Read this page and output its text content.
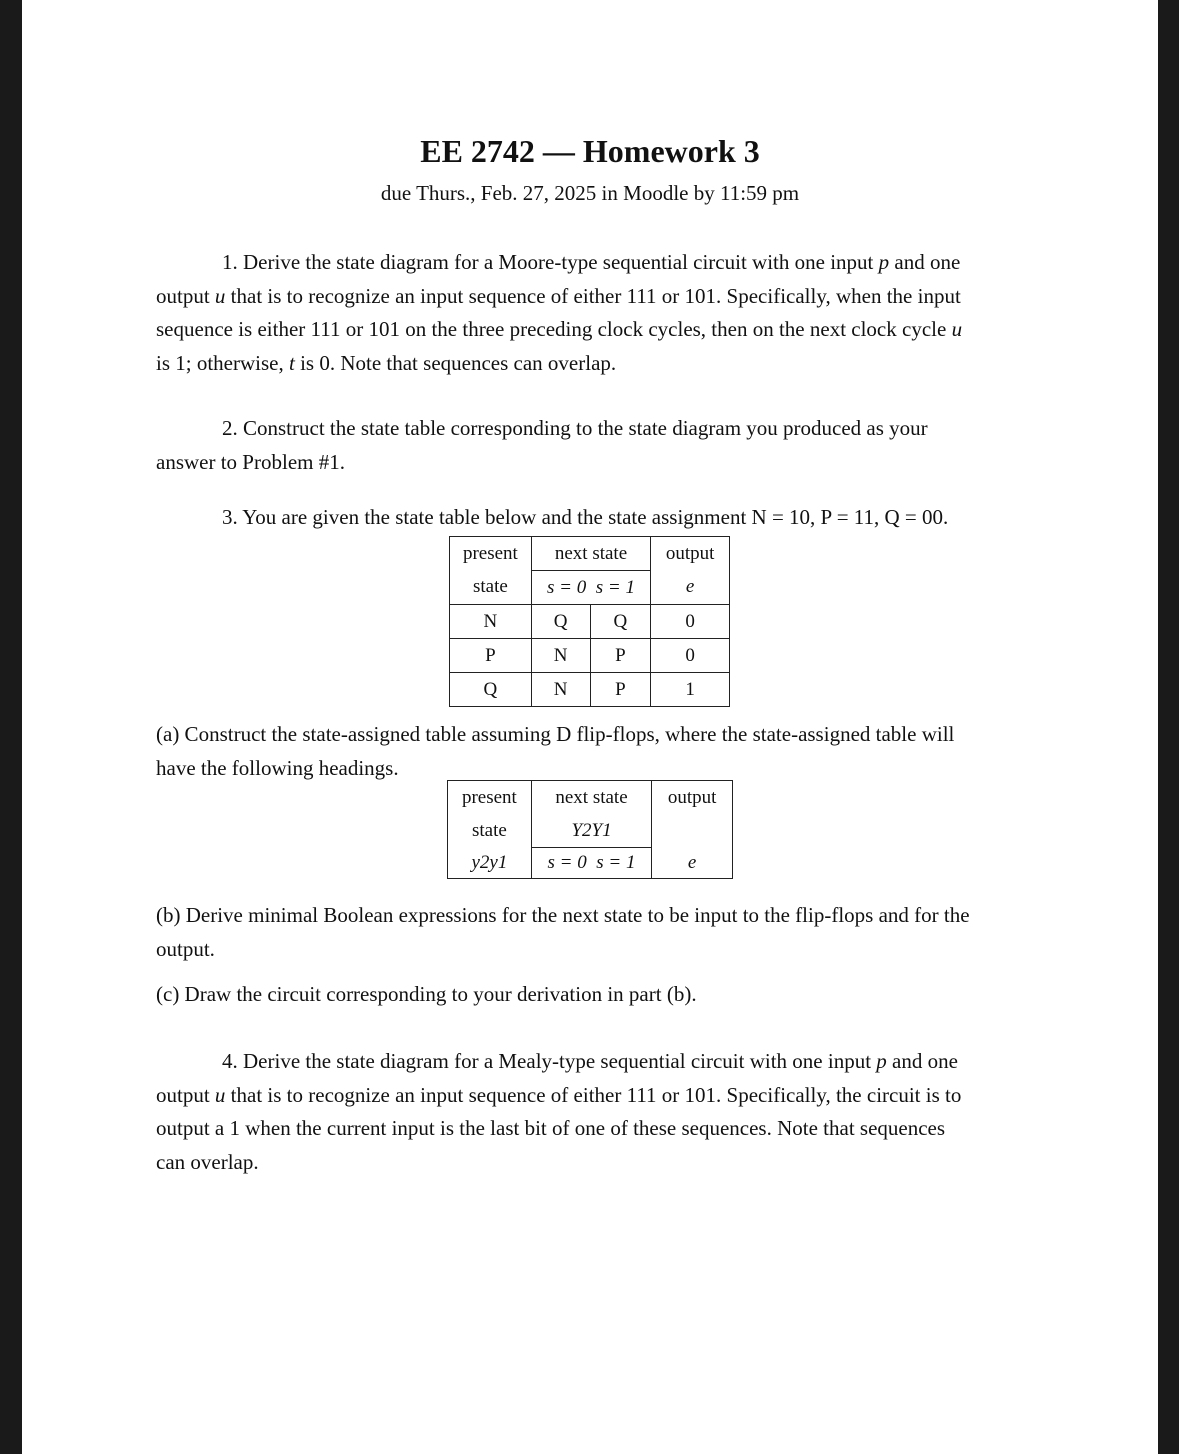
EE 2742 — Homework 3
due Thurs., Feb. 27, 2025 in Moodle by 11:59 pm
1. Derive the state diagram for a Moore-type sequential circuit with one input p and one
output u that is to recognize an input sequence of either 111 or 101. Specifically, when the input
sequence is either 111 or 101 on the three preceding clock cycles, then on the next clock cycle u
is 1; otherwise, t is 0. Note that sequences can overlap.
2. Construct the state table corresponding to the state diagram you produced as your
answer to Problem #1.
3. You are given the state table below and the state assignment N = 10, P = 11, Q = 00.
present	next state		output
state	s = 0 s = 1		e
N	Q	Q	0
P	N	P	0
Q	N	P	1
(a) Construct the state-assigned table assuming D flip-flops, where the state-assigned table will
have the following headings.
present	next state	output
state	Y2Y1	
y2y1	s = 0 s = 1	e
(b) Derive minimal Boolean expressions for the next state to be input to the flip-flops and for the
output.
(c) Draw the circuit corresponding to your derivation in part (b).
4. Derive the state diagram for a Mealy-type sequential circuit with one input p and one
output u that is to recognize an input sequence of either 111 or 101. Specifically, the circuit is to
output a 1 when the current input is the last bit of one of these sequences. Note that sequences
can overlap.
